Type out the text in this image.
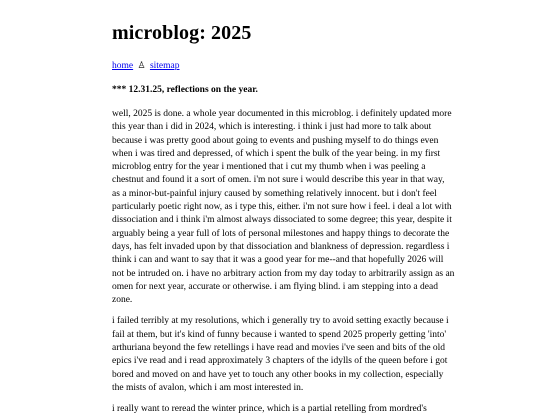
microblog: 2025
home ♙ sitemap
*** 12.31.25, reflections on the year.

well, 2025 is done. a whole year documented in this microblog. i definitely updated more
this year than i did in 2024, which is interesting. i think i just had more to talk about
because i was pretty good about going to events and pushing myself to do things even
when i was tired and depressed, of which i spent the bulk of the year being. in my first
microblog entry for the year i mentioned that i cut my thumb when i was peeling a
chestnut and found it a sort of omen. i'm not sure i would describe this year in that way,
as a minor-but-painful injury caused by something relatively innocent. but i don't feel
particularly poetic right now, as i type this, either. i'm not sure how i feel. i deal a lot with
dissociation and i think i'm almost always dissociated to some degree; this year, despite it
arguably being a year full of lots of personal milestones and happy things to decorate the
days, has felt invaded upon by that dissociation and blankness of depression. regardless i
think i can and want to say that it was a good year for me--and that hopefully 2026 will
not be intruded on. i have no arbitrary action from my day today to arbitrarily assign as an
omen for next year, accurate or otherwise. i am flying blind. i am stepping into a dead
zone.

i failed terribly at my resolutions, which i generally try to avoid setting exactly because i
fail at them, but it's kind of funny because i wanted to spend 2025 properly getting 'into'
arthuriana beyond the few retellings i have read and movies i've seen and bits of the old
epics i've read and i read approximately 3 chapters of the idylls of the queen before i got
bored and moved on and have yet to touch any other books in my collection, especially
the mists of avalon, which i am most interested in.

i really want to reread the winter prince, which is a partial retelling from mordred's
